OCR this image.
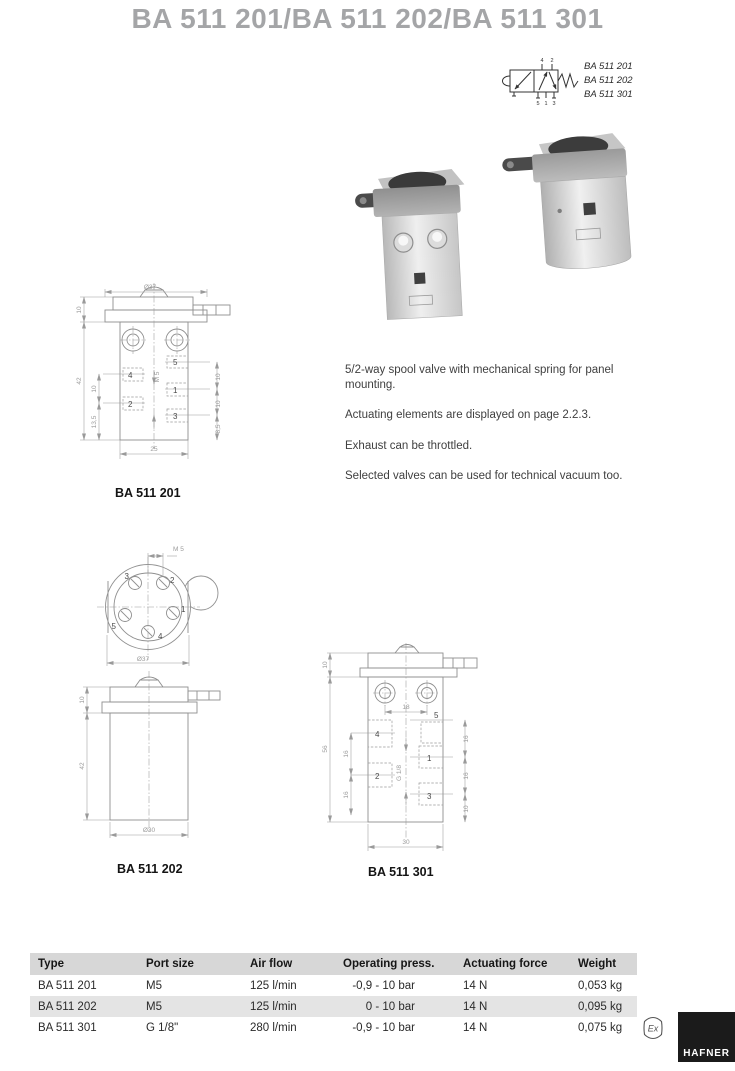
BA 511 201/BA 511 202/BA 511 301
4 2
5 1 3
BA 511 201
BA 511 202
BA 511 301
Ø37
10
42
10
13,5
M 5	10
10
8,5
25
4
2
5
1
3
BA 511 201

5/2-way spool valve with mechanical spring for panel mounting.

Actuating elements are displayed on page 2.2.3.

Exhaust can be throttled.

Selected valves can be used for technical vacuum too.

M 5
Ø37
3	2
1
5
4
10
42
Ø30
BA 511 202
18
10
56
16
16
G 1/8
16
16
10
30
4
2
5
1
3
BA 511 301
Type	Port size	Air flow	Operating press.	Actuating force	Weight
BA 511 201	M5	125 l/min	-0,9 - 10 bar	14 N	0,053 kg
BA 511 202	M5	125 l/min	0 - 10 bar	14 N	0,095 kg
BA 511 301	G 1/8"	280 l/min	-0,9 - 10 bar	14 N	0,075 kg	Ex
HAFNER
